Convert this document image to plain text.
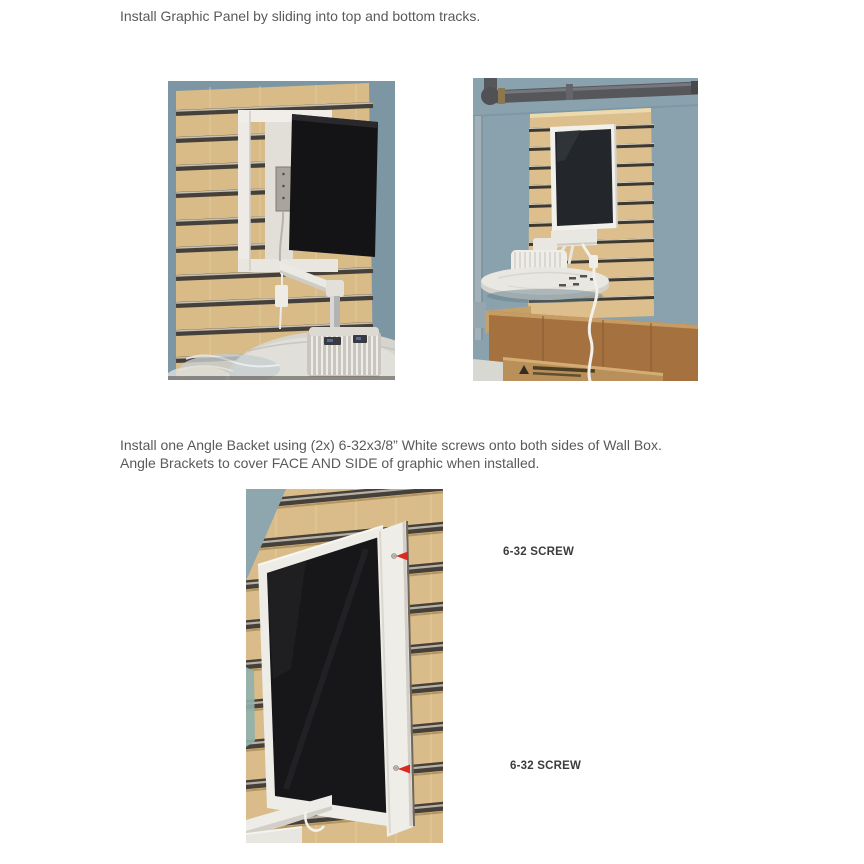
Install Graphic Panel by sliding into top and bottom tracks.

Install one Angle Backet using (2x) 6-32x3/8” White screws onto both sides of Wall Box.
Angle Brackets to cover FACE AND SIDE of graphic when installed.

6-32 SCREW
6-32 SCREW
